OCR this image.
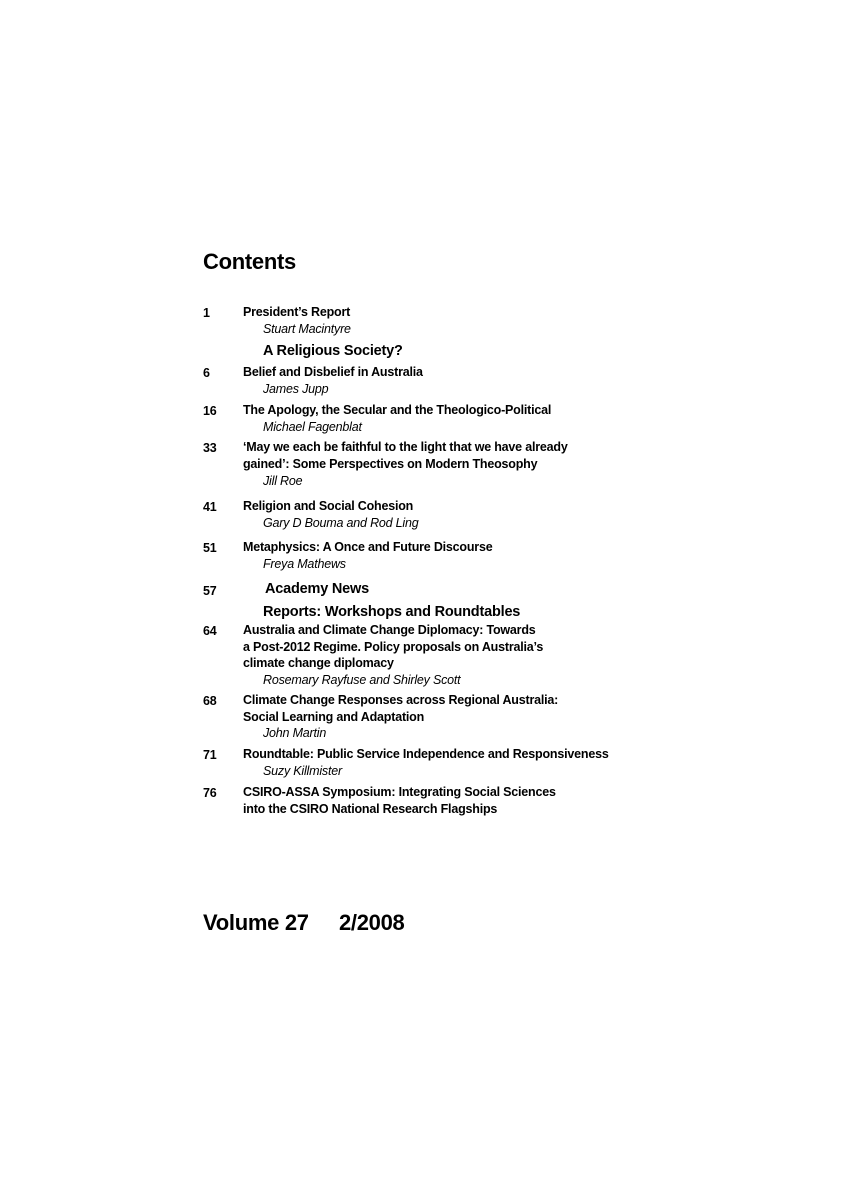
Contents
1	President’s Report
Stuart Macintyre
A Religious Society?
6	Belief and Disbelief in Australia
James Jupp
16 The Apology, the Secular and the Theologico-Political
Michael Fagenblat
33 ‘May we each be faithful to the light that we have already
gained’: Some Perspectives on Modern Theosophy
Jill Roe
41 Religion and Social Cohesion
Gary D Bouma and Rod Ling
51 Metaphysics: A Once and Future Discourse
Freya Mathews
57	Academy News
Reports: Workshops and Roundtables
64 Australia and Climate Change Diplomacy: Towards
a Post-2012 Regime. Policy proposals on Australia’s
climate change diplomacy
Rosemary Rayfuse and Shirley Scott
68 Climate Change Responses across Regional Australia:
Social Learning and Adaptation
John Martin
71 Roundtable: Public Service Independence and Responsiveness
Suzy Killmister
76 CSIRO-ASSA Symposium: Integrating Social Sciences
into the CSIRO National Research Flagships
Volume 27 2/2008
